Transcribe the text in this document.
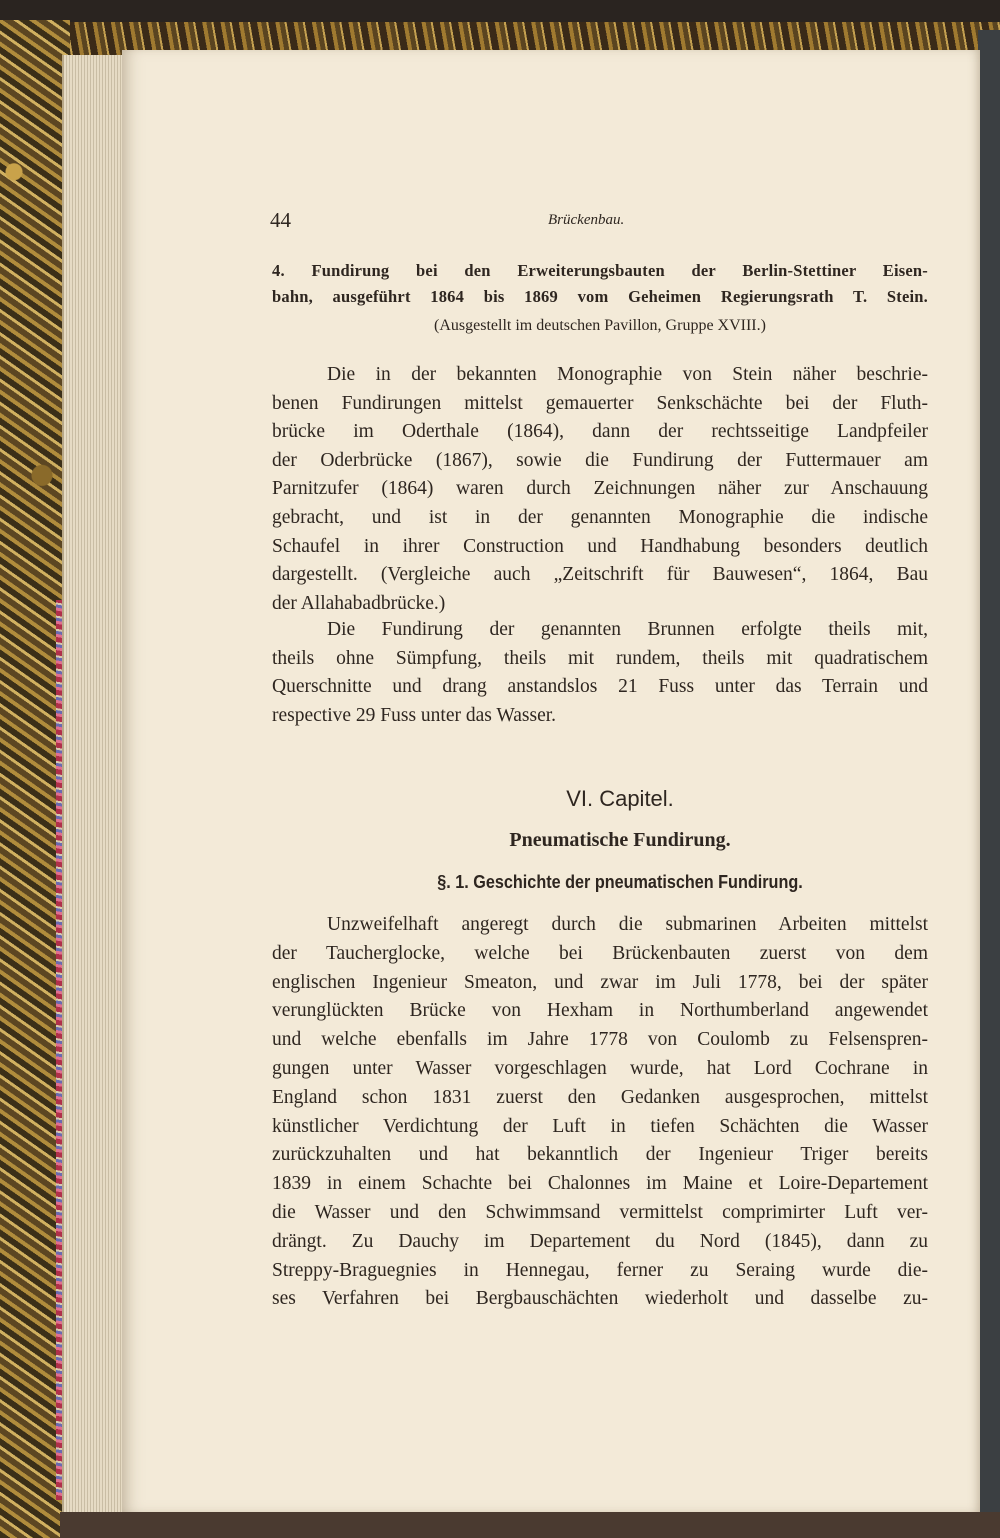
44	Brückenbau.
4. Fundirung bei den Erweiterungsbauten der Berlin-Stettiner Eisen-
bahn, ausgeführt 1864 bis 1869 vom Geheimen Regierungsrath T. Stein.
(Ausgestellt im deutschen Pavillon, Gruppe XVIII.)
Die in der bekannten Monographie von Stein näher beschrie-
benen Fundirungen mittelst gemauerter Senkschächte bei der Fluth-
brücke im Oderthale (1864), dann der rechtsseitige Landpfeiler
der Oderbrücke (1867), sowie die Fundirung der Futtermauer am
Parnitzufer (1864) waren durch Zeichnungen näher zur Anschauung
gebracht, und ist in der genannten Monographie die indische
Schaufel in ihrer Construction und Handhabung besonders deutlich
dargestellt. (Vergleiche auch „Zeitschrift für Bauwesen“, 1864, Bau
der Allahabadbrücke.)
Die Fundirung der genannten Brunnen erfolgte theils mit,
theils ohne Sümpfung, theils mit rundem, theils mit quadratischem
Querschnitte und drang anstandslos 21 Fuss unter das Terrain und
respective 29 Fuss unter das Wasser.
VI. Capitel.
Pneumatische Fundirung.
§. 1. Geschichte der pneumatischen Fundirung.
Unzweifelhaft angeregt durch die submarinen Arbeiten mittelst
der Taucherglocke, welche bei Brückenbauten zuerst von dem
englischen Ingenieur Smeaton, und zwar im Juli 1778, bei der später
verunglückten Brücke von Hexham in Northumberland angewendet
und welche ebenfalls im Jahre 1778 von Coulomb zu Felsenspren-
gungen unter Wasser vorgeschlagen wurde, hat Lord Cochrane in
England schon 1831 zuerst den Gedanken ausgesprochen, mittelst
künstlicher Verdichtung der Luft in tiefen Schächten die Wasser
zurückzuhalten und hat bekanntlich der Ingenieur Triger bereits
1839 in einem Schachte bei Chalonnes im Maine et Loire-Departement
die Wasser und den Schwimmsand vermittelst comprimirter Luft ver-
drängt. Zu Dauchy im Departement du Nord (1845), dann zu
Streppy-Braguegnies in Hennegau, ferner zu Seraing wurde die-
ses Verfahren bei Bergbauschächten wiederholt und dasselbe zu-
